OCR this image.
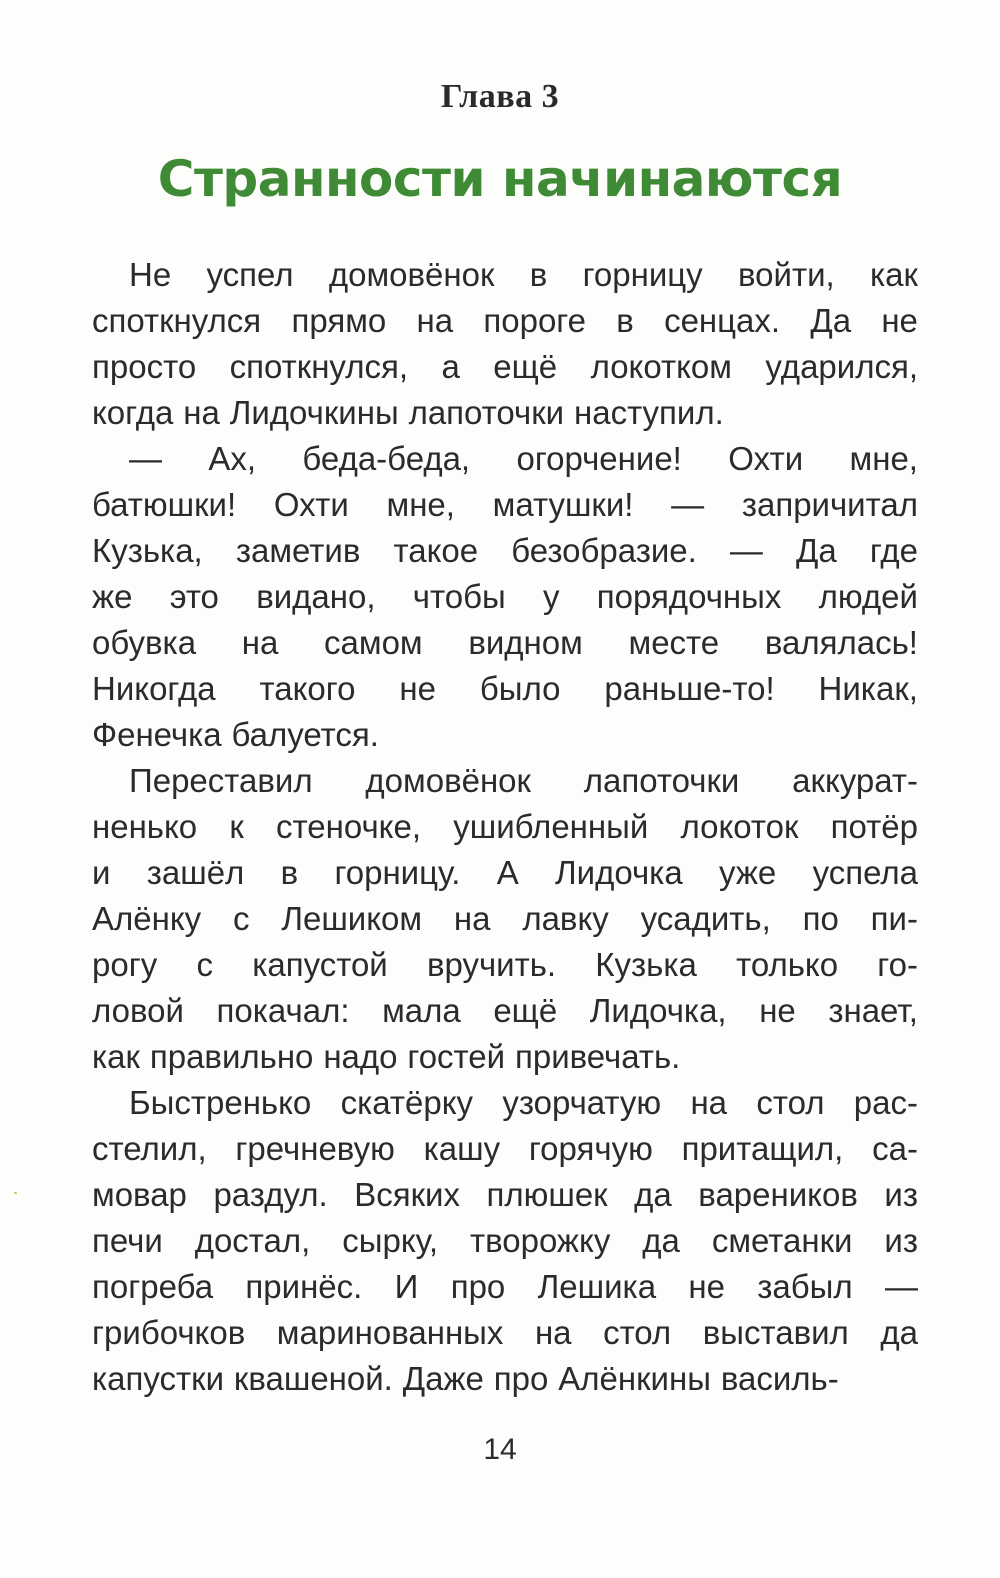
Глава 3
Странности начинаются
Не успел домовёнок в горницу войти, как
споткнулся прямо на пороге в сенцах. Да не
просто споткнулся, а ещё локотком ударился,
когда на Лидочкины лапоточки наступил.
— Ах, беда-беда, огорчение! Охти мне,
батюшки! Охти мне, матушки! — запричитал
Кузька, заметив такое безобразие. — Да где
же это видано, чтобы у порядочных людей
обувка на самом видном месте валялась!
Никогда такого не было раньше-то! Никак,
Фенечка балуется.
Переставил домовёнок лапоточки аккурат-
ненько к стеночке, ушибленный локоток потёр
и зашёл в горницу. А Лидочка уже успела
Алёнку с Лешиком на лавку усадить, по пи-
рогу с капустой вручить. Кузька только го-
ловой покачал: мала ещё Лидочка, не знает,
как правильно надо гостей привечать.
Быстренько скатёрку узорчатую на стол рас-
стелил, гречневую кашу горячую притащил, са-
мовар раздул. Всяких плюшек да вареников из
печи достал, сырку, творожку да сметанки из
погреба принёс. И про Лешика не забыл —
грибочков маринованных на стол выставил да
капустки квашеной. Даже про Алёнкины василь-
14
